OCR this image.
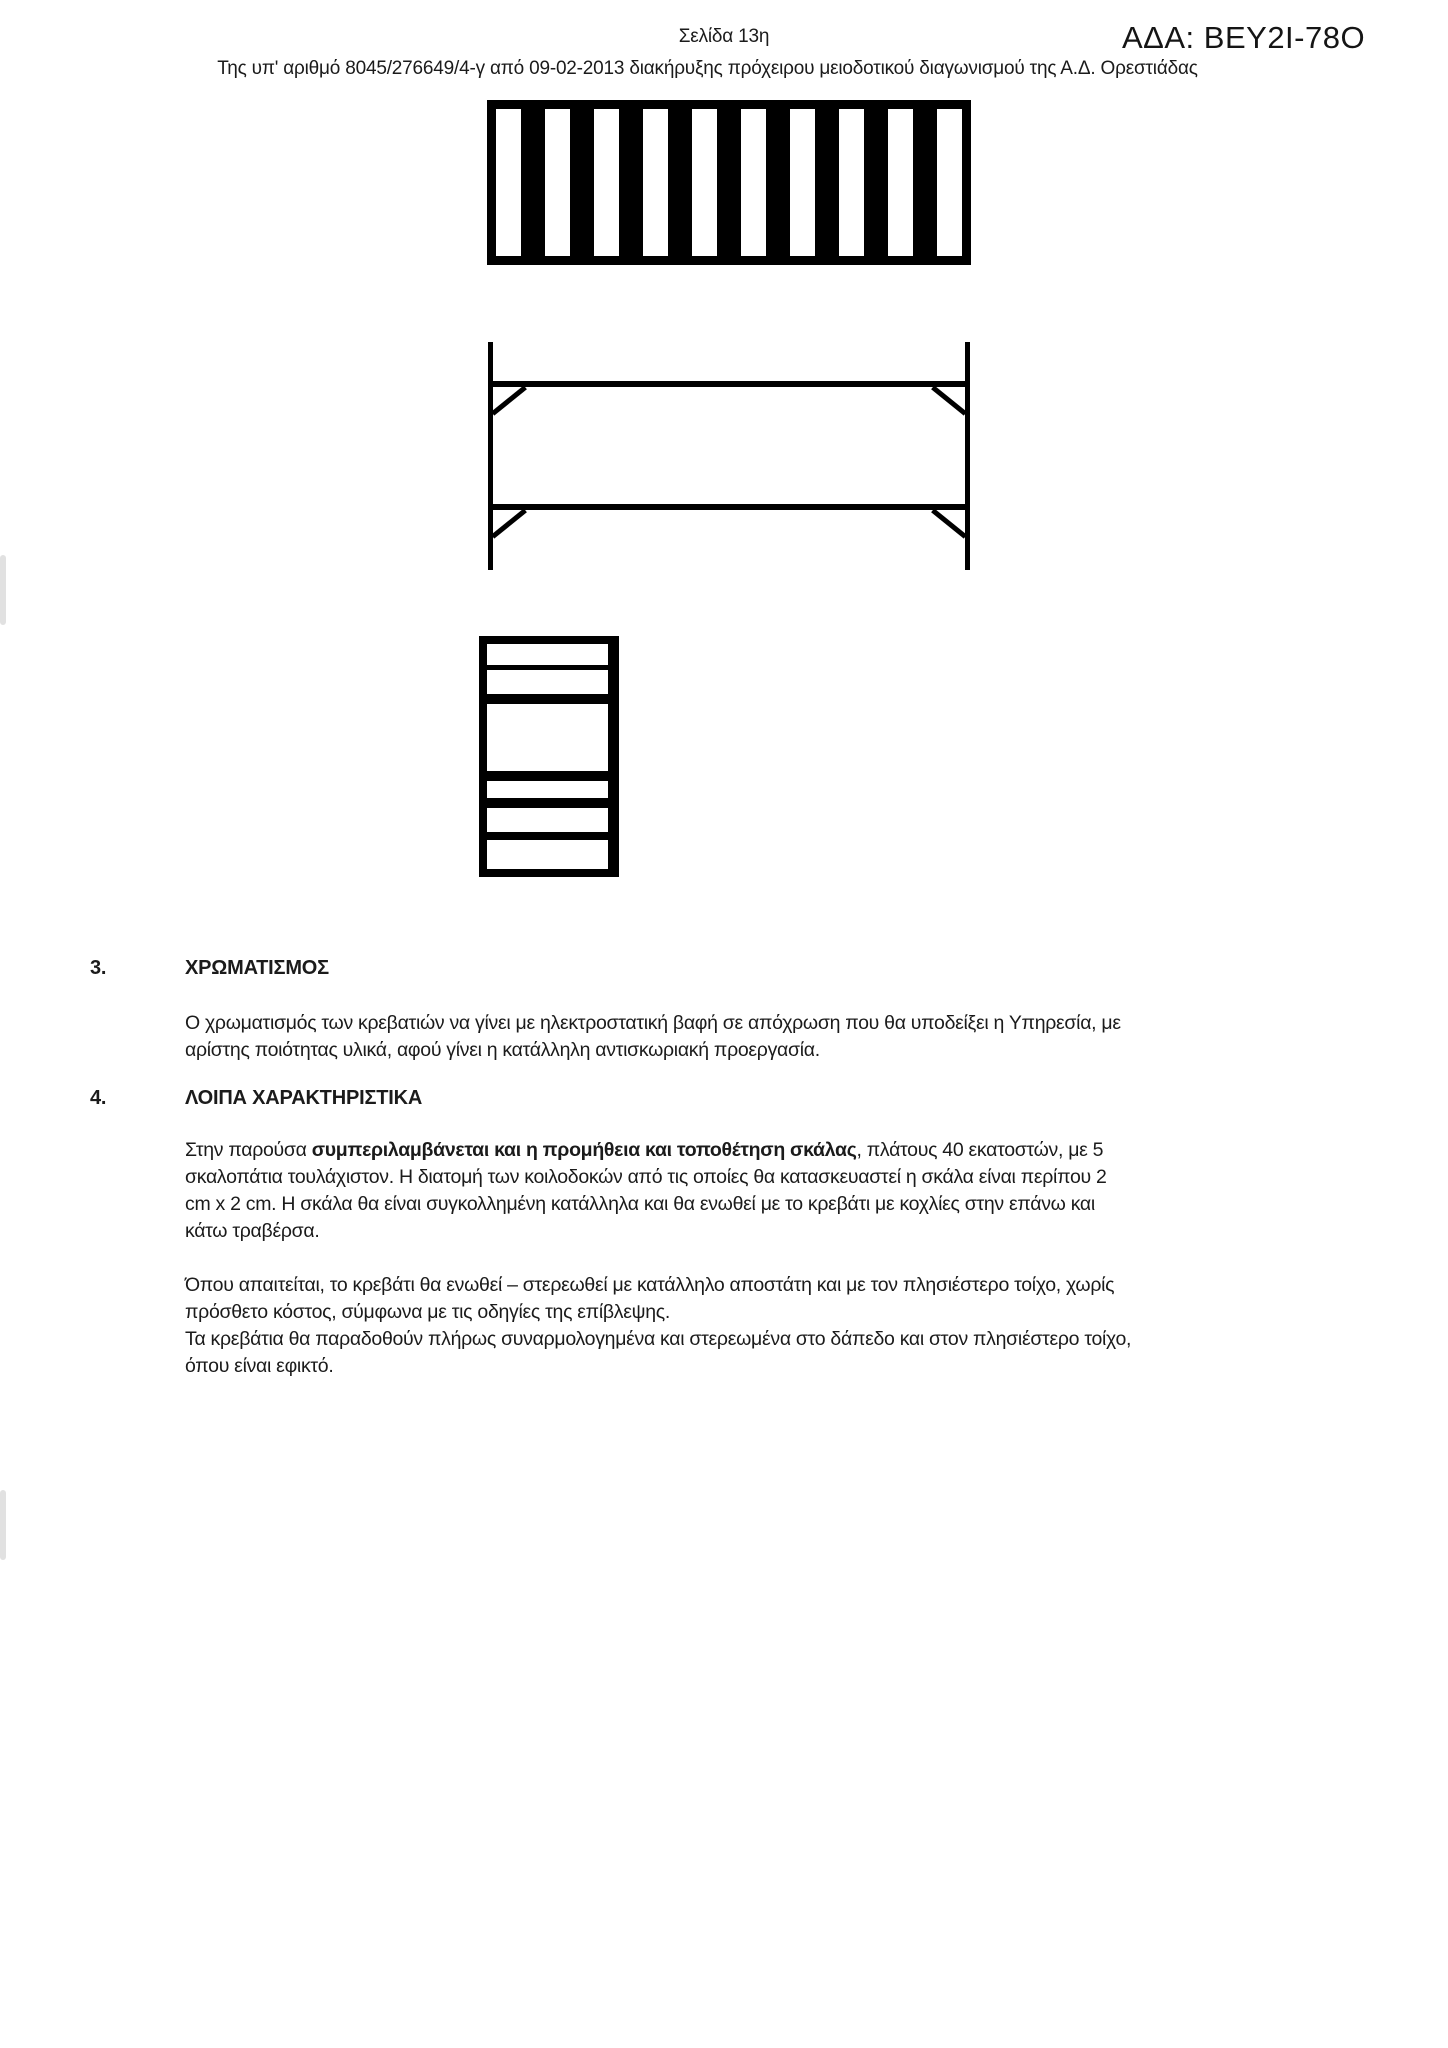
Σελίδα 13η	ΑΔΑ: ΒΕΥ2Ι-78Ο
Της υπ' αριθμό 8045/276649/4-γ από 09-02-2013 διακήρυξης πρόχειρου μειοδοτικού διαγωνισμού της Α.Δ. Ορεστιάδας
3.	ΧΡΩΜΑΤΙΣΜΟΣ
Ο χρωματισμός των κρεβατιών να γίνει με ηλεκτροστατική βαφή σε απόχρωση που θα υποδείξει η Υπηρεσία, με
αρίστης ποιότητας υλικά, αφού γίνει η κατάλληλη αντισκωριακή προεργασία.
4.	ΛΟΙΠΑ ΧΑΡΑΚΤΗΡΙΣΤΙΚΑ
Στην παρούσα συμπεριλαμβάνεται και η προμήθεια και τοποθέτηση σκάλας, πλάτους 40 εκατοστών, με 5
σκαλοπάτια τουλάχιστον. Η διατομή των κοιλοδοκών από τις οποίες θα κατασκευαστεί η σκάλα είναι περίπου 2
cm x 2 cm. Η σκάλα θα είναι συγκολλημένη κατάλληλα και θα ενωθεί με το κρεβάτι με κοχλίες στην επάνω και
κάτω τραβέρσα.
Όπου απαιτείται, το κρεβάτι θα ενωθεί – στερεωθεί με κατάλληλο αποστάτη και με τον πλησιέστερο τοίχο, χωρίς
πρόσθετο κόστος, σύμφωνα με τις οδηγίες της επίβλεψης.
Τα κρεβάτια θα παραδοθούν πλήρως συναρμολογημένα και στερεωμένα στο δάπεδο και στον πλησιέστερο τοίχο,
όπου είναι εφικτό.
